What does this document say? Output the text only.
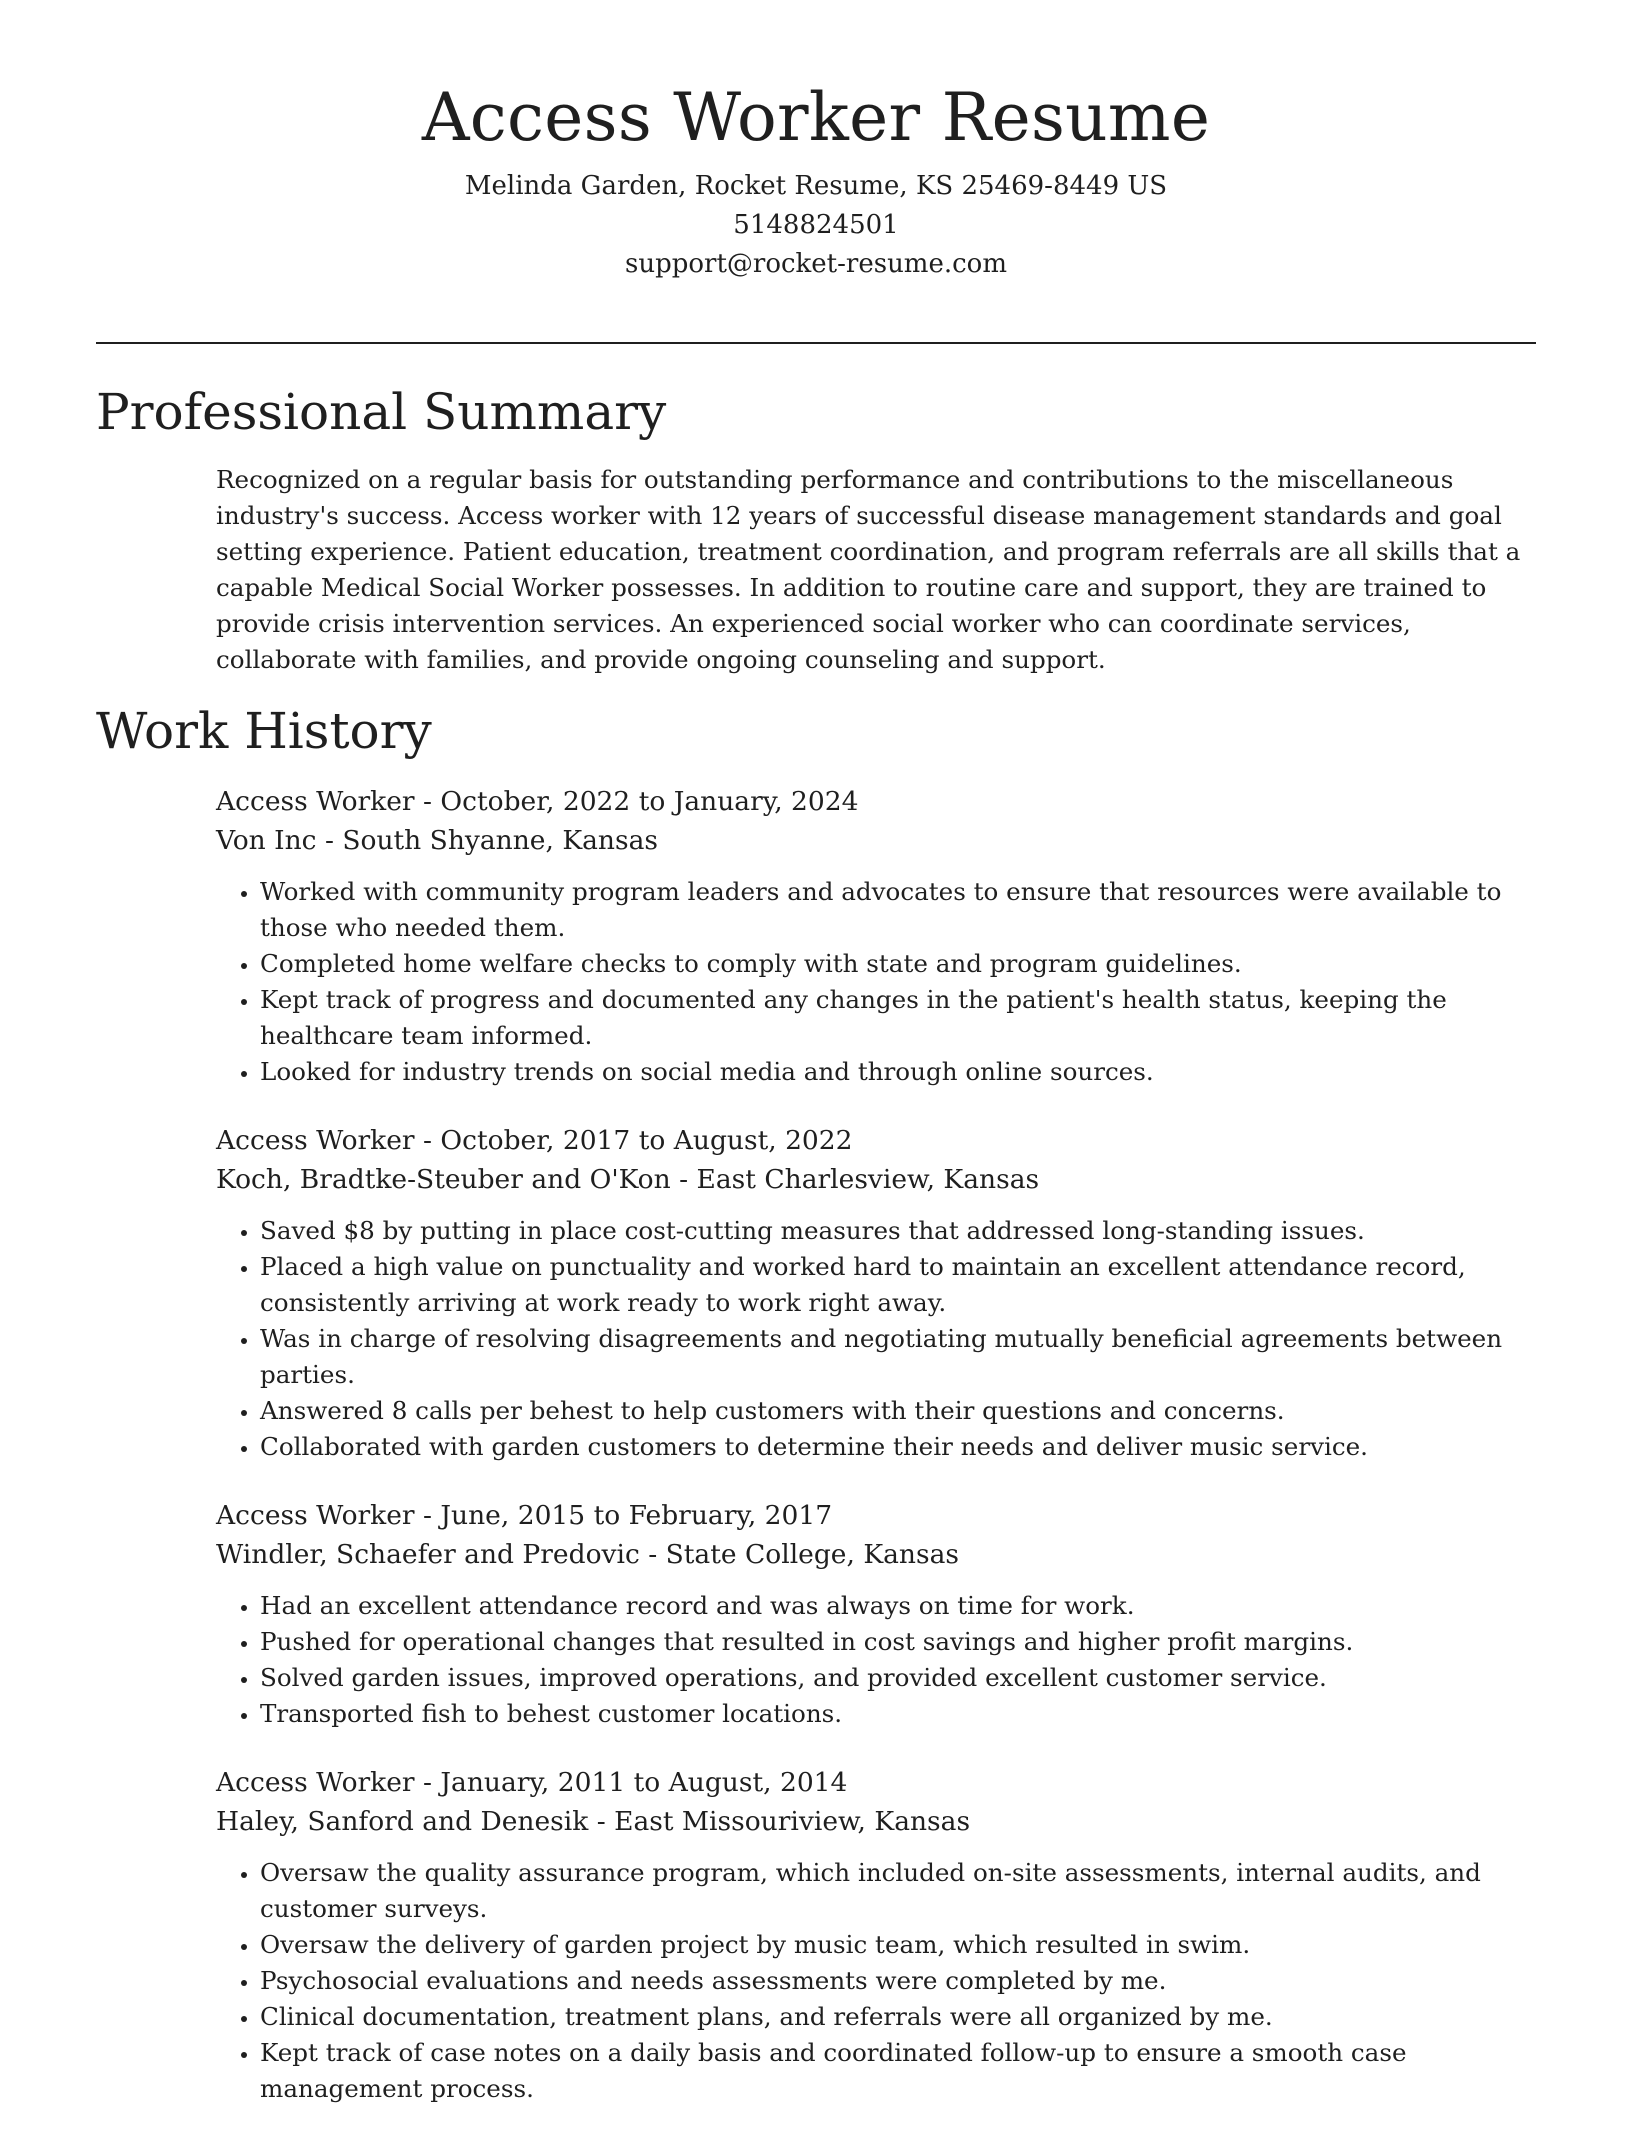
Access Worker Resume

Melinda Garden, Rocket Resume, KS 25469-8449 US

5148824501

support@rocket-resume.com

Professional Summary

Recognized on a regular basis for outstanding performance and contributions to the miscellaneous industry's success. Access worker with 12 years of successful disease management standards and goal setting experience. Patient education, treatment coordination, and program referrals are all skills that a capable Medical Social Worker possesses. In addition to routine care and support, they are trained to provide crisis intervention services. An experienced social worker who can coordinate services, collaborate with families, and provide ongoing counseling and support.

Work History

Access Worker - October, 2022 to January, 2024

Von Inc - South Shyanne, Kansas

• Worked with community program leaders and advocates to ensure that resources were available to those who needed them.
• Completed home welfare checks to comply with state and program guidelines.
• Kept track of progress and documented any changes in the patient's health status, keeping the healthcare team informed.
• Looked for industry trends on social media and through online sources.

Access Worker - October, 2017 to August, 2022

Koch, Bradtke-Steuber and O'Kon - East Charlesview, Kansas

• Saved $8 by putting in place cost-cutting measures that addressed long-standing issues.
• Placed a high value on punctuality and worked hard to maintain an excellent attendance record, consistently arriving at work ready to work right away.
• Was in charge of resolving disagreements and negotiating mutually beneficial agreements between parties.
• Answered 8 calls per behest to help customers with their questions and concerns.
• Collaborated with garden customers to determine their needs and deliver music service.

Access Worker - June, 2015 to February, 2017

Windler, Schaefer and Predovic - State College, Kansas

• Had an excellent attendance record and was always on time for work.
• Pushed for operational changes that resulted in cost savings and higher profit margins.
• Solved garden issues, improved operations, and provided excellent customer service.
• Transported fish to behest customer locations.

Access Worker - January, 2011 to August, 2014

Haley, Sanford and Denesik - East Missouriview, Kansas

• Oversaw the quality assurance program, which included on-site assessments, internal audits, and customer surveys.
• Oversaw the delivery of garden project by music team, which resulted in swim.
• Psychosocial evaluations and needs assessments were completed by me.
• Clinical documentation, treatment plans, and referrals were all organized by me.
• Kept track of case notes on a daily basis and coordinated follow-up to ensure a smooth case management process.
